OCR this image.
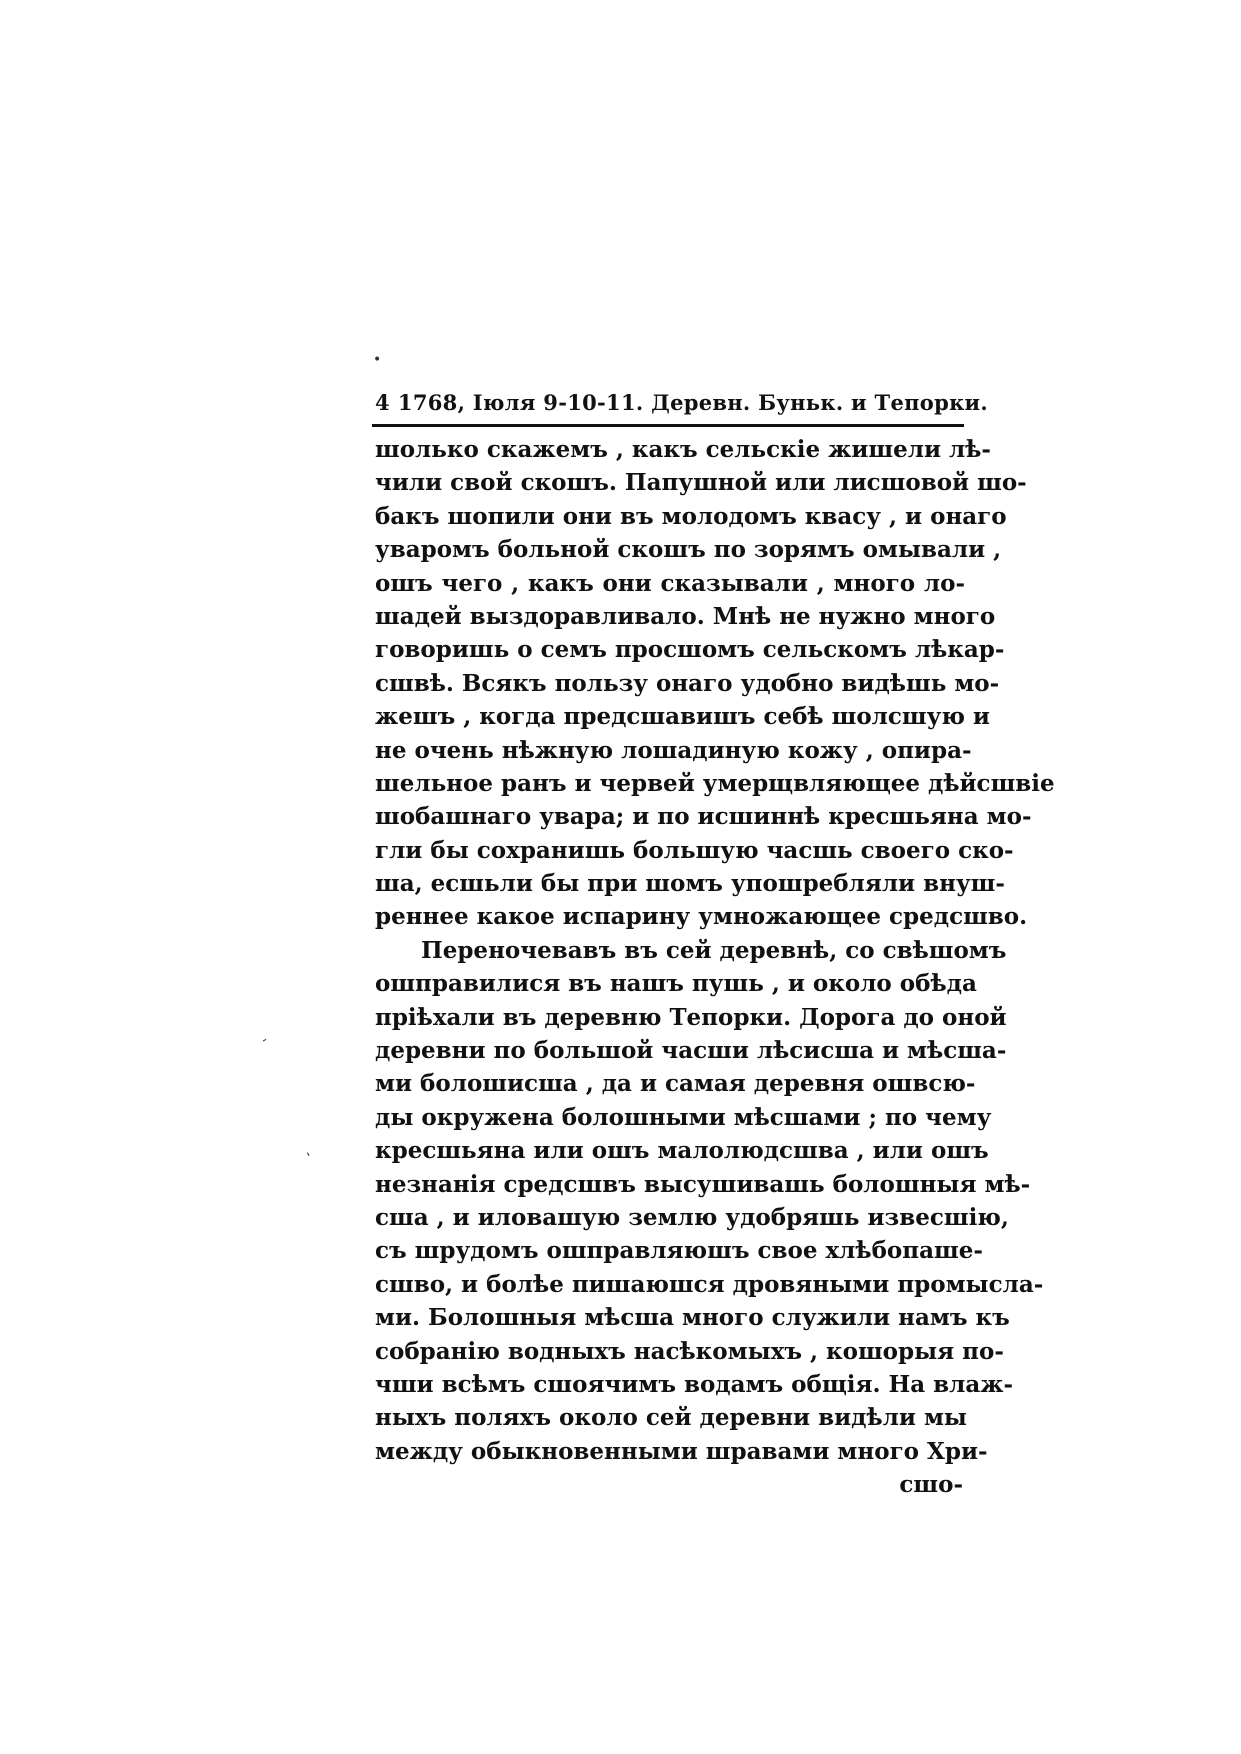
•
-
-
4 1768, Іюля 9-10-11. Деревн. Буньк. и Тепорки.
шолько скажемъ , какъ сельскіе жишели лѣ-
чили свой скошъ. Папушной или лисшовой шо-
бакъ шопили они въ молодомъ квасу , и онаго
уваромъ больной скошъ по зорямъ омывали ,
ошъ чего , какъ они сказывали , много ло-
шадей выздоравливало. Мнѣ не нужно много
говоришь о семъ просшомъ сельскомъ лѣкар-
сшвѣ. Всякъ пользу онаго удобно видѣшь мо-
жешъ , когда предсшавишъ себѣ шолсшую и
не очень нѣжную лошадиную кожу , опира-
шельное ранъ и червей умерщвляющее дѣйсшвіе
шобашнаго увара; и по исшиннѣ кресшьяна мо-
гли бы сохранишь большую часшь своего ско-
ша, есшьли бы при шомъ упошребляли внуш-
реннее какое испарину умножающее средсшво.
Переночевавъ въ сей деревнѣ, со свѣшомъ
ошправилися въ нашъ пушь , и около обѣда
пріѣхали въ деревню Тепорки. Дорога до оной
деревни по большой часши лѣсисша и мѣсша-
ми болошисша , да и самая деревня ошвсю-
ды окружена болошными мѣсшами ; по чему
кресшьяна или ошъ малолюдсшва , или ошъ
незнанія средсшвъ высушивашь болошныя мѣ-
сша , и иловашую землю удобряшь извесшію,
съ шрудомъ ошправляюшъ свое хлѣбопаше-
сшво, и болѣе пишаюшся дровяными промысла-
ми. Болошныя мѣсша много служили намъ къ
собранію водныхъ насѣкомыхъ , кошорыя по-
чши всѣмъ сшоячимъ водамъ общія. На влаж-
ныхъ поляхъ около сей деревни видѣли мы
между обыкновенными шравами много Хри-
сшо-
